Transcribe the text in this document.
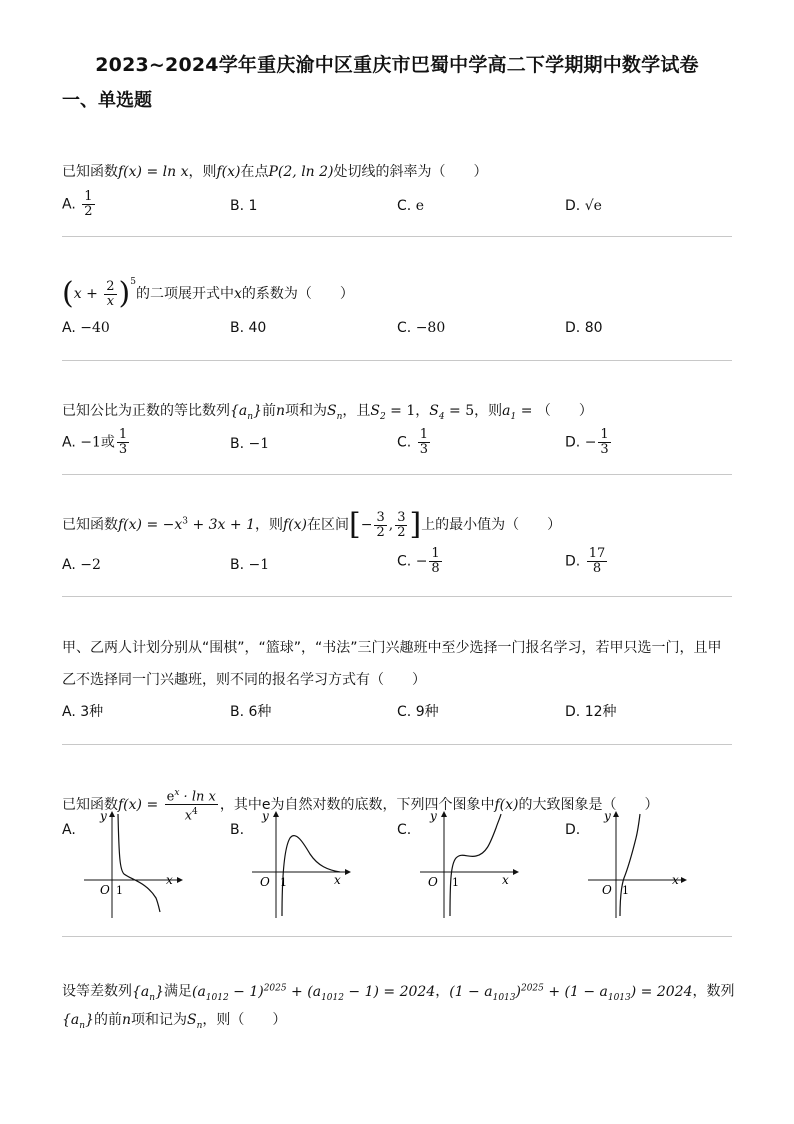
2023~2024学年重庆渝中区重庆市巴蜀中学高二下学期期中数学试卷
一、单选题
已知函数f(x) = ln x，则f(x)在点P(2, ln 2)处切线的斜率为（　　）
A. $\frac{1}{2}$	B. 1	C. e	D. √e
$(x + \frac{2}{x} )^5$的二项展开式中x的系数为（　　）
A. −40	B. 40	C. −80	D. 80
已知公比为正数的等比数列$\{a_n\}$前n项和为$S_n$，且$S_2 = 1$，$S_4 = 5$，则$a_1$ = （　　）
A. −1或 $\frac{1}{3}$	B. −1	C. $\frac{1}{3}$	D. − $\frac{1}{3}$
已知函数$f(x) = -x^3 + 3x + 1$，则f(x)在区间[− $\frac{3}{2}$ , $\frac{3}{2}$ ]上的最小值为（　　）
A. −2	B. −1	C. − $\frac{1}{8}$	D. $\frac{17}{8}$
甲、乙两人计划分别从“围棋”，“篮球”，“书法”三门兴趣班中至少选择一门报名学习，若甲只选一门，且甲乙不选择同一门兴趣班，则不同的报名学习方式有（　　）
A. 3种	B. 6种	C. 9种	D. 12种
已知函数$f(x) = \frac{e^x \cdot \ln x}{x^4}$ ，其中e为自然对数的底数，下列四个图象中f(x)的大致图象是（　　）
A.	B.	C.	D.
y
x
O 1
y
x
O 1
y
x
O 1
y
x
O 1
设等差数列$\{a_n\}$满足$(a_{1012} - 1)^{2025} + (a_{1012} - 1) = 2024$，$(1 - a_{1013})^{2025} + (1 - a_{1013}) = 2024$，数列
$\{a_n\}$的前n项和记为$S_n$，则（　　）
